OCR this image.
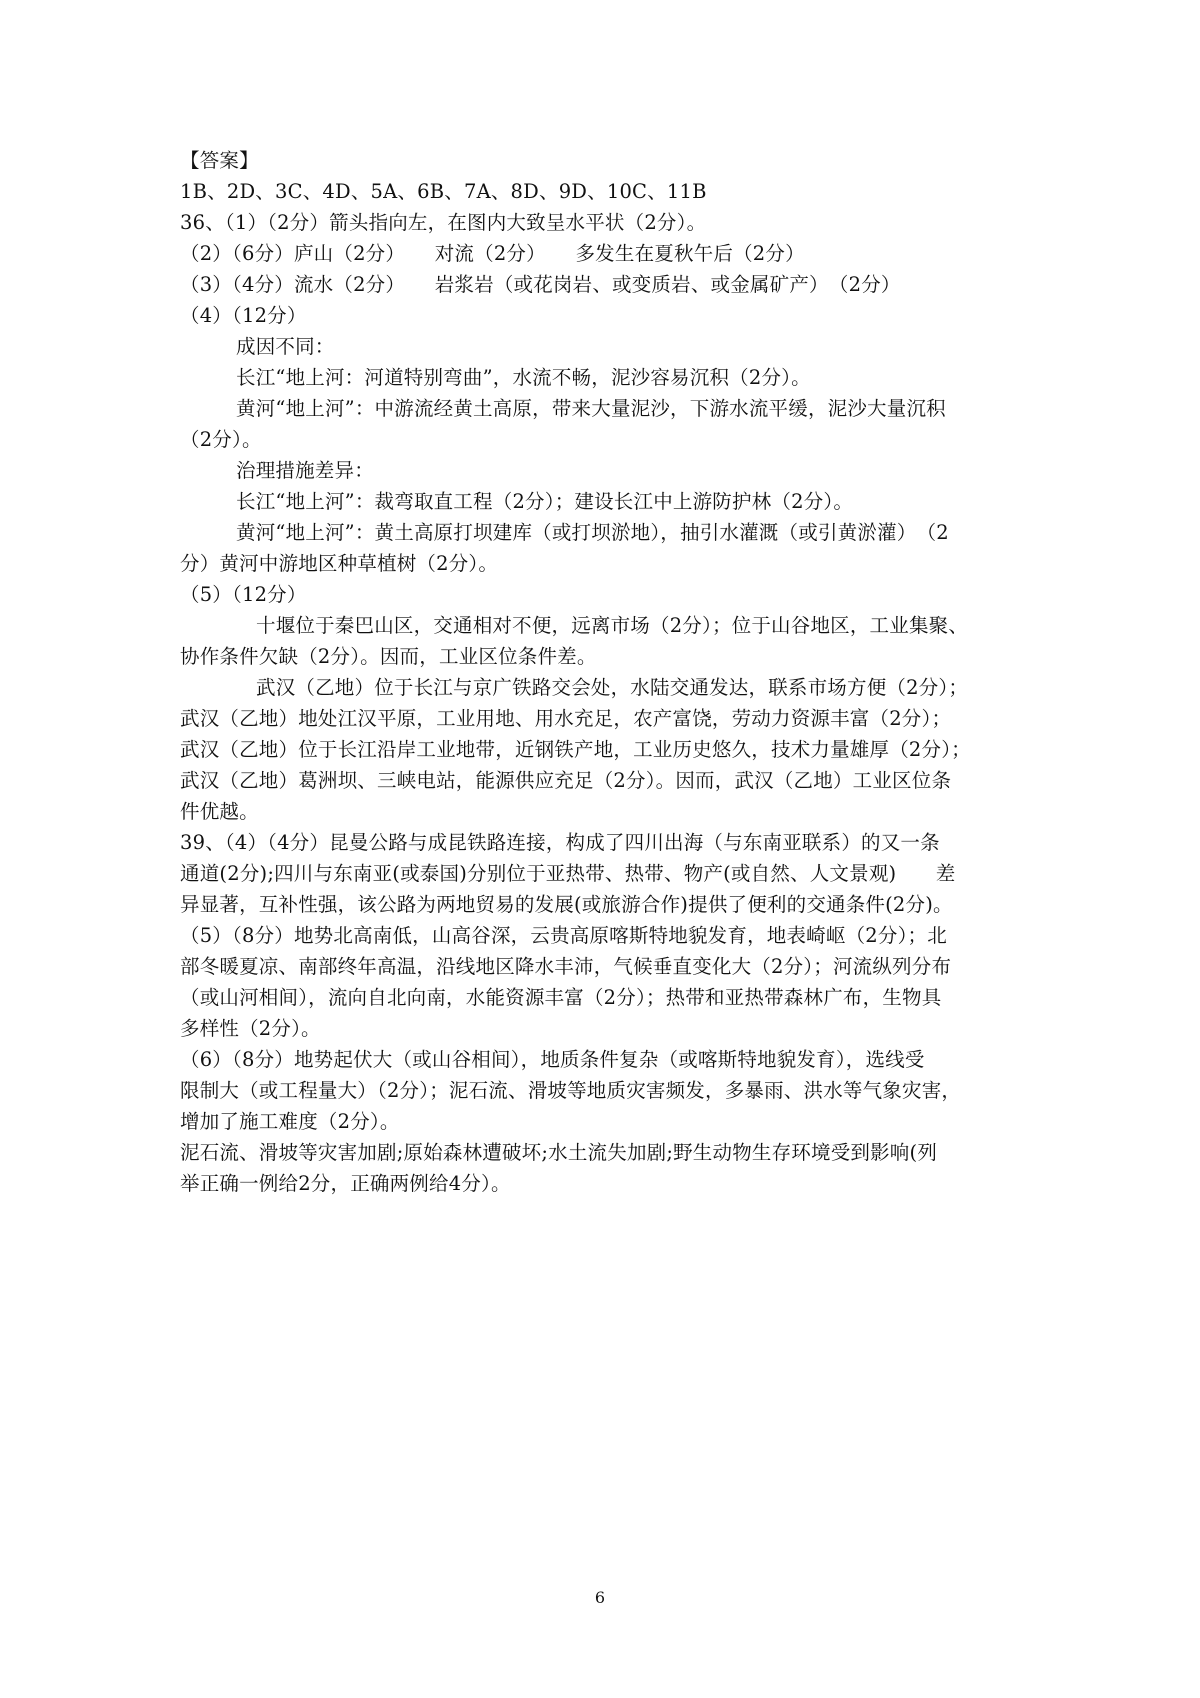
【答案】
1B、2D、3C、4D、5A、6B、7A、8D、9D、10C、11B
36、（1）（2分）箭头指向左，在图内大致呈水平状（2分）。
（2）（6分）庐山（2分）　　对流（2分）　　多发生在夏秋午后（2分）
（3）（4分）流水（2分）　　岩浆岩（或花岗岩、或变质岩、或金属矿产）　（2分）
（4）（12分）
成因不同：
长江“地上河：河道特别弯曲”，水流不畅，泥沙容易沉积（2分）。
黄河“地上河”：中游流经黄土高原，带来大量泥沙，下游水流平缓，泥沙大量沉积
（2分）。
治理措施差异：
长江“地上河”：裁弯取直工程（2分）；建设长江中上游防护林（2分）。
黄河“地上河”：黄土高原打坝建库（或打坝淤地），抽引水灌溉（或引黄淤灌）　（2
分）黄河中游地区种草植树（2分）。
（5）（12分）
十堰位于秦巴山区，交通相对不便，远离市场（2分）；位于山谷地区，工业集聚、
协作条件欠缺（2分）。因而，工业区位条件差。
武汉（乙地）位于长江与京广铁路交会处，水陆交通发达，联系市场方便（2分）；
武汉（乙地）地处江汉平原，工业用地、用水充足，农产富饶，劳动力资源丰富（2分）；
武汉（乙地）位于长江沿岸工业地带，近钢铁产地，工业历史悠久，技术力量雄厚（2分）；
武汉（乙地）葛洲坝、三峡电站，能源供应充足（2分）。因而，武汉（乙地）工业区位条
件优越。
39、（4）（4分）昆曼公路与成昆铁路连接，构成了四川出海（与东南亚联系）的又一条
通道(2分);四川与东南亚(或泰国)分别位于亚热带、热带、物产(或自然、人文景观)　　差
异显著，互补性强，该公路为两地贸易的发展(或旅游合作)提供了便利的交通条件(2分)。
（5）（8分）地势北高南低，山高谷深，云贵高原喀斯特地貌发育，地表崎岖（2分）；北
部冬暖夏凉、南部终年高温，沿线地区降水丰沛，气候垂直变化大（2分）；河流纵列分布
（或山河相间），流向自北向南，水能资源丰富（2分）；热带和亚热带森林广布，生物具
多样性（2分）。
（6）（8分）地势起伏大（或山谷相间），地质条件复杂（或喀斯特地貌发育），选线受
限制大（或工程量大）（2分）；泥石流、滑坡等地质灾害频发，多暴雨、洪水等气象灾害，
增加了施工难度（2分）。
泥石流、滑坡等灾害加剧;原始森林遭破坏;水土流失加剧;野生动物生存环境受到影响(列
举正确一例给2分，正确两例给4分）。
6
